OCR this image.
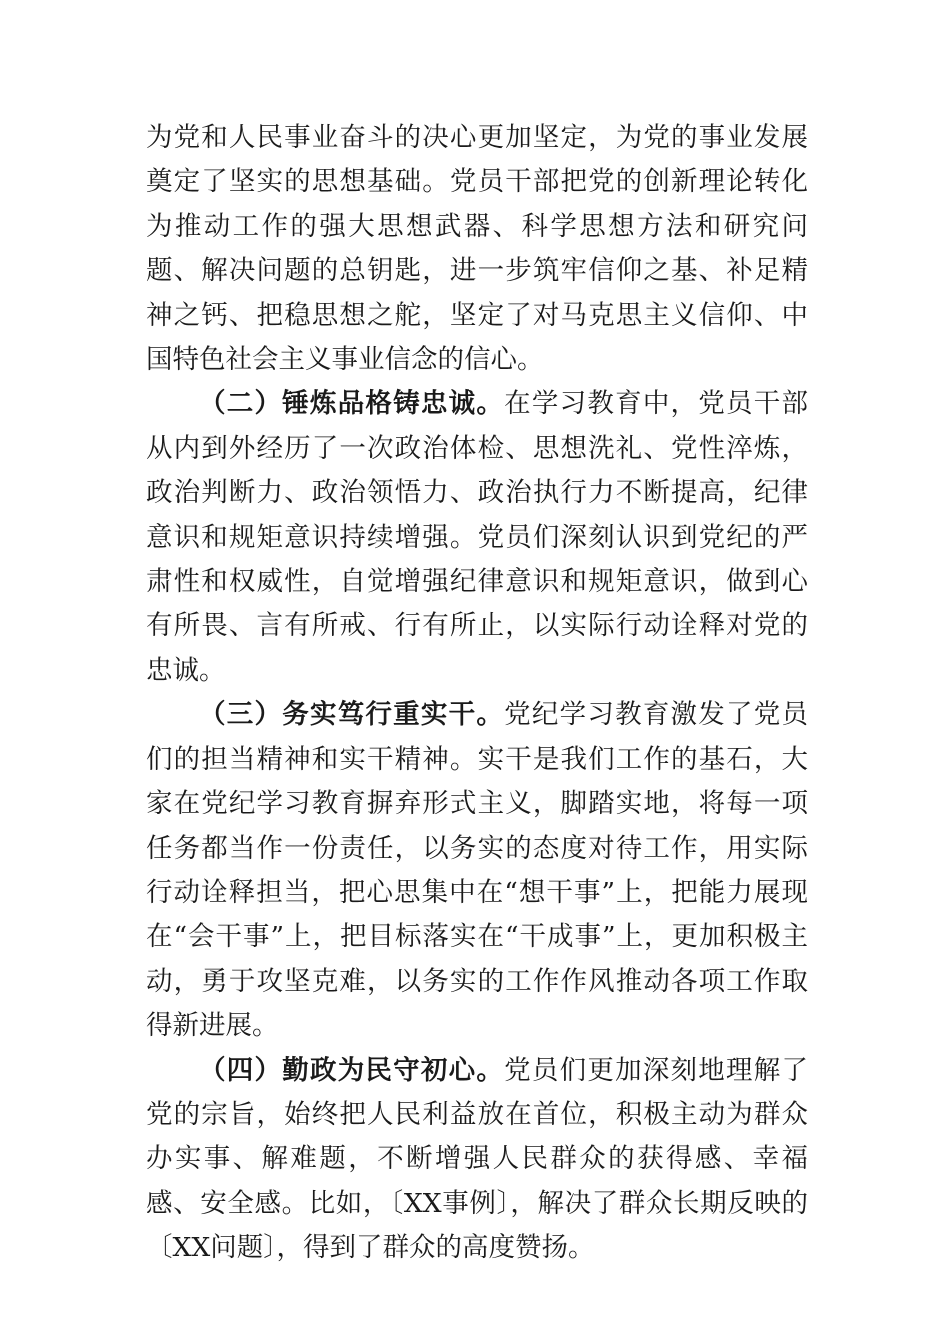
为党和人民事业奋斗的决心更加坚定，为党的事业发展奠定了坚实的思想基础。党员干部把党的创新理论转化为推动工作的强大思想武器、科学思想方法和研究问题、解决问题的总钥匙，进一步筑牢信仰之基、补足精神之钙、把稳思想之舵，坚定了对马克思主义信仰、中国特色社会主义事业信念的信心。

（二）锤炼品格铸忠诚。在学习教育中，党员干部从内到外经历了一次政治体检、思想洗礼、党性淬炼，政治判断力、政治领悟力、政治执行力不断提高，纪律意识和规矩意识持续增强。党员们深刻认识到党纪的严肃性和权威性，自觉增强纪律意识和规矩意识，做到心有所畏、言有所戒、行有所止，以实际行动诠释对党的忠诚。

（三）务实笃行重实干。党纪学习教育激发了党员们的担当精神和实干精神。实干是我们工作的基石，大家在党纪学习教育摒弃形式主义，脚踏实地，将每一项任务都当作一份责任，以务实的态度对待工作，用实际行动诠释担当，把心思集中在“想干事”上，把能力展现在“会干事”上，把目标落实在“干成事”上，更加积极主动，勇于攻坚克难，以务实的工作作风推动各项工作取得新进展。

（四）勤政为民守初心。党员们更加深刻地理解了党的宗旨，始终把人民利益放在首位，积极主动为群众办实事、解难题，不断增强人民群众的获得感、幸福感、安全感。比如，〔XX事例〕，解决了群众长期反映的〔XX问题〕，得到了群众的高度赞扬。
